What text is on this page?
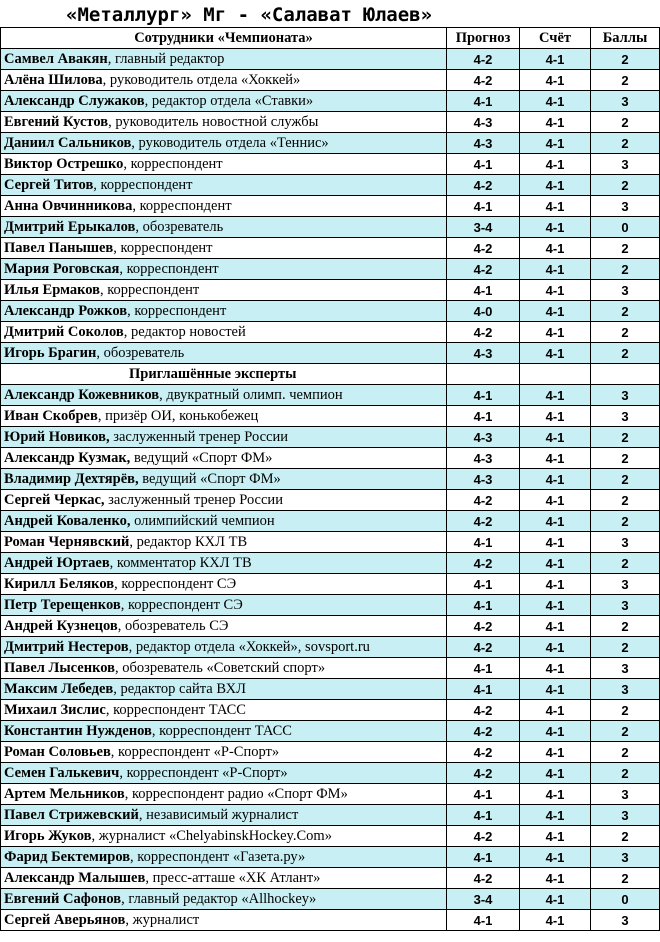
«Металлург» Мг - «Салават Юлаев»
Сотрудники «Чемпионата»	Прогноз	Счёт	Баллы
Самвел Авакян, главный редактор	4-2	4-1	2
Алёна Шилова, руководитель отдела «Хоккей»	4-2	4-1	2
Александр Служаков, редактор отдела «Ставки»	4-1	4-1	3
Евгений Кустов, руководитель новостной службы	4-3	4-1	2
Даниил Сальников, руководитель отдела «Теннис»	4-3	4-1	2
Виктор Острешко, корреспондент	4-1	4-1	3
Сергей Титов, корреспондент	4-2	4-1	2
Анна Овчинникова, корреспондент	4-1	4-1	3
Дмитрий Ерыкалов, обозреватель	3-4	4-1	0
Павел Панышев, корреспондент	4-2	4-1	2
Мария Роговская, корреспондент	4-2	4-1	2
Илья Ермаков, корреспондент	4-1	4-1	3
Александр Рожков, корреспондент	4-0	4-1	2
Дмитрий Соколов, редактор новостей	4-2	4-1	2
Игорь Брагин, обозреватель	4-3	4-1	2
Приглашённые эксперты			
Александр Кожевников, двукратный олимп. чемпион	4-1	4-1	3
Иван Скобрев, призёр ОИ, конькобежец	4-1	4-1	3
Юрий Новиков, заслуженный тренер России	4-3	4-1	2
Александр Кузмак, ведущий «Спорт ФМ»	4-3	4-1	2
Владимир Дехтярёв, ведущий «Спорт ФМ»	4-3	4-1	2
Сергей Черкас, заслуженный тренер России	4-2	4-1	2
Андрей Коваленко, олимпийский чемпион	4-2	4-1	2
Роман Чернявский, редактор КХЛ ТВ	4-1	4-1	3
Андрей Юртаев, комментатор КХЛ ТВ	4-2	4-1	2
Кирилл Беляков, корреспондент СЭ	4-1	4-1	3
Петр Терещенков, корреспондент СЭ	4-1	4-1	3
Андрей Кузнецов, обозреватель СЭ	4-2	4-1	2
Дмитрий Нестеров, редактор отдела «Хоккей», sovsport.ru	4-2	4-1	2
Павел Лысенков, обозреватель «Советский спорт»	4-1	4-1	3
Максим Лебедев, редактор сайта ВХЛ	4-1	4-1	3
Михаил Зислис, корреспондент ТАСС	4-2	4-1	2
Константин Нужденов, корреспондент ТАСС	4-2	4-1	2
Роман Соловьев, корреспондент «Р-Спорт»	4-2	4-1	2
Семен Галькевич, корреспондент «Р-Спорт»	4-2	4-1	2
Артем Мельников, корреспондент радио «Спорт ФМ»	4-1	4-1	3
Павел Стрижевский, независимый журналист	4-1	4-1	3
Игорь Жуков, журналист «ChelyabinskHockey.Com»	4-2	4-1	2
Фарид Бектемиров, корреспондент «Газета.ру»	4-1	4-1	3
Александр Малышев, пресс-атташе «ХК Атлант»	4-2	4-1	2
Евгений Сафонов, главный редактор «Allhockey»	3-4	4-1	0
Сергей Аверьянов, журналист	4-1	4-1	3
